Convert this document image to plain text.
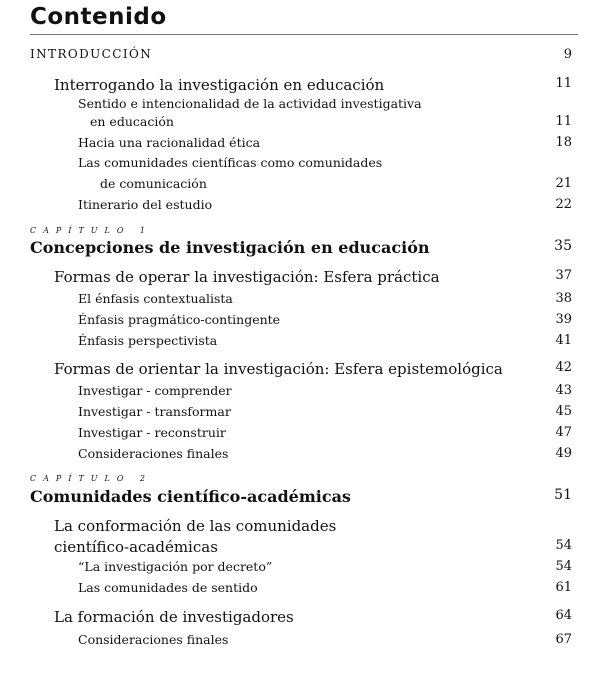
Contenido
INTRODUCCIÓN	9
Interrogando la investigación en educación	11
Sentido e intencionalidad de la actividad investigativa
en educación	11
Hacia una racionalidad ética	18
Las comunidades científicas como comunidades
de comunicación	21
Itinerario del estudio	22
CAPÍTULO 1
Concepciones de investigación en educación	35
Formas de operar la investigación: Esfera práctica	37
El énfasis contextualista	38
Énfasis pragmático-contingente	39
Énfasis perspectivista	41
Formas de orientar la investigación: Esfera epistemológica	42
Investigar - comprender	43
Investigar - transformar	45
Investigar - reconstruir	47
Consideraciones finales	49
CAPÍTULO 2
Comunidades científico-académicas	51
La conformación de las comunidades
científico-académicas	54
“La investigación por decreto”	54
Las comunidades de sentido	61
La formación de investigadores	64
Consideraciones finales	67
